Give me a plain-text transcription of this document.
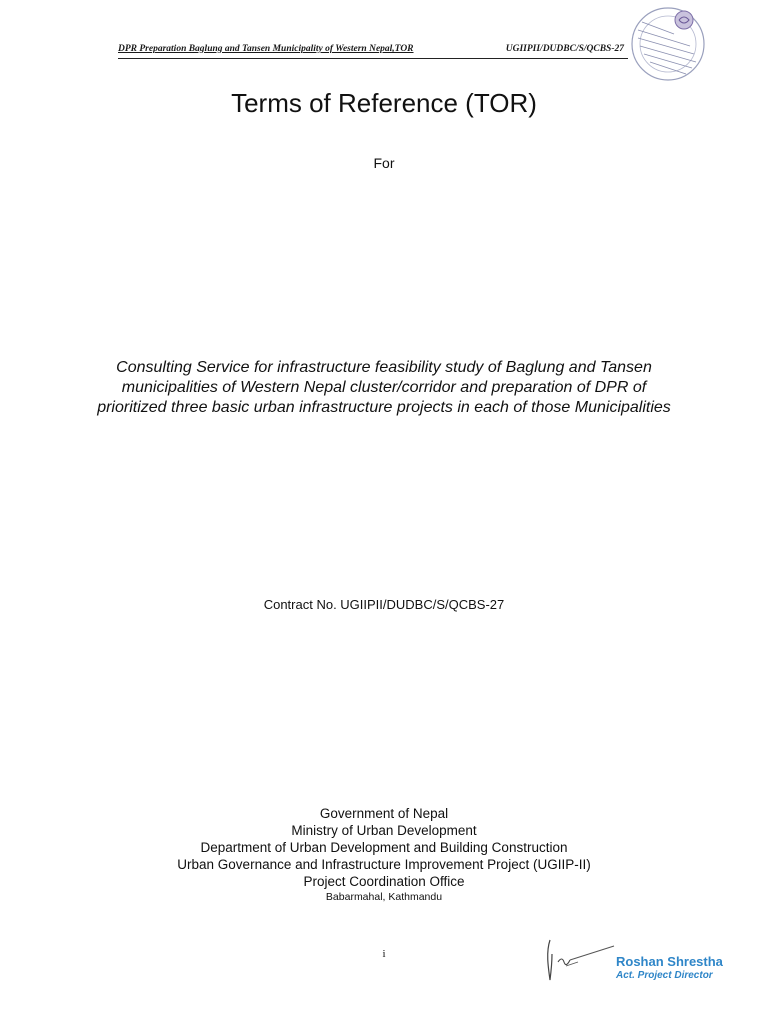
DPR Preparation Baglung and Tansen Municipality of Western Nepal,TOR	UGIIPII/DUDBC/S/QCBS-27
Terms of Reference (TOR)
For
Consulting Service for infrastructure feasibility study of Baglung and Tansen
municipalities of Western Nepal cluster/corridor and preparation of DPR of
prioritized three basic urban infrastructure projects in each of those Municipalities
Contract No. UGIIPII/DUDBC/S/QCBS-27
Government of Nepal
Ministry of Urban Development
Department of Urban Development and Building Construction
Urban Governance and Infrastructure Improvement Project (UGIIP-II)
Project Coordination Office
Babarmahal, Kathmandu
i	Roshan Shrestha
Act. Project Director
